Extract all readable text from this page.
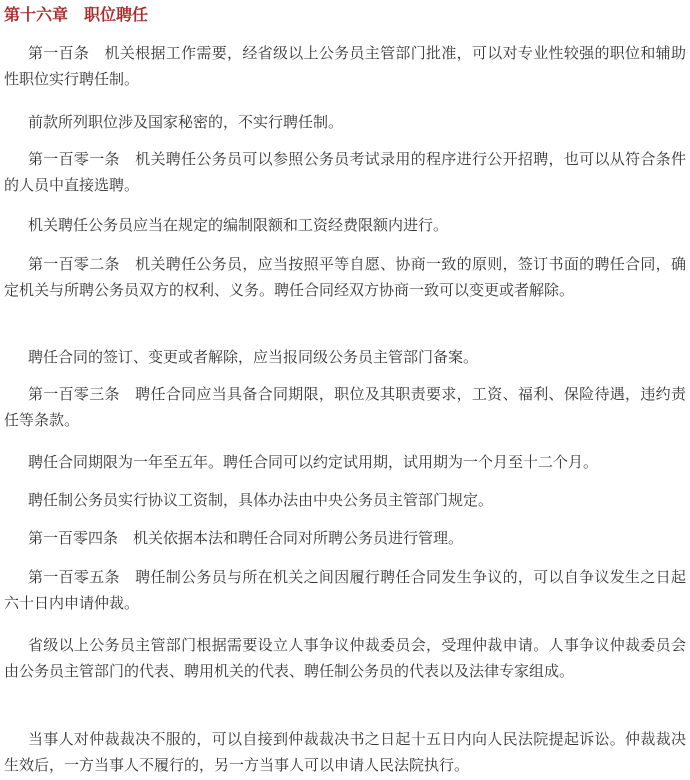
第十六章　职位聘任

第一百条　机关根据工作需要，经省级以上公务员主管部门批准，可以对专业性较强的职位和辅助性职位实行聘任制。

前款所列职位涉及国家秘密的，不实行聘任制。

第一百零一条　机关聘任公务员可以参照公务员考试录用的程序进行公开招聘，也可以从符合条件的人员中直接选聘。

机关聘任公务员应当在规定的编制限额和工资经费限额内进行。

第一百零二条　机关聘任公务员，应当按照平等自愿、协商一致的原则，签订书面的聘任合同，确定机关与所聘公务员双方的权利、义务。聘任合同经双方协商一致可以变更或者解除。

聘任合同的签订、变更或者解除，应当报同级公务员主管部门备案。

第一百零三条　聘任合同应当具备合同期限，职位及其职责要求，工资、福利、保险待遇，违约责任等条款。

聘任合同期限为一年至五年。聘任合同可以约定试用期，试用期为一个月至十二个月。

聘任制公务员实行协议工资制，具体办法由中央公务员主管部门规定。

第一百零四条　机关依据本法和聘任合同对所聘公务员进行管理。

第一百零五条　聘任制公务员与所在机关之间因履行聘任合同发生争议的，可以自争议发生之日起六十日内申请仲裁。

省级以上公务员主管部门根据需要设立人事争议仲裁委员会，受理仲裁申请。人事争议仲裁委员会由公务员主管部门的代表、聘用机关的代表、聘任制公务员的代表以及法律专家组成。

当事人对仲裁裁决不服的，可以自接到仲裁裁决书之日起十五日内向人民法院提起诉讼。仲裁裁决生效后，一方当事人不履行的，另一方当事人可以申请人民法院执行。
